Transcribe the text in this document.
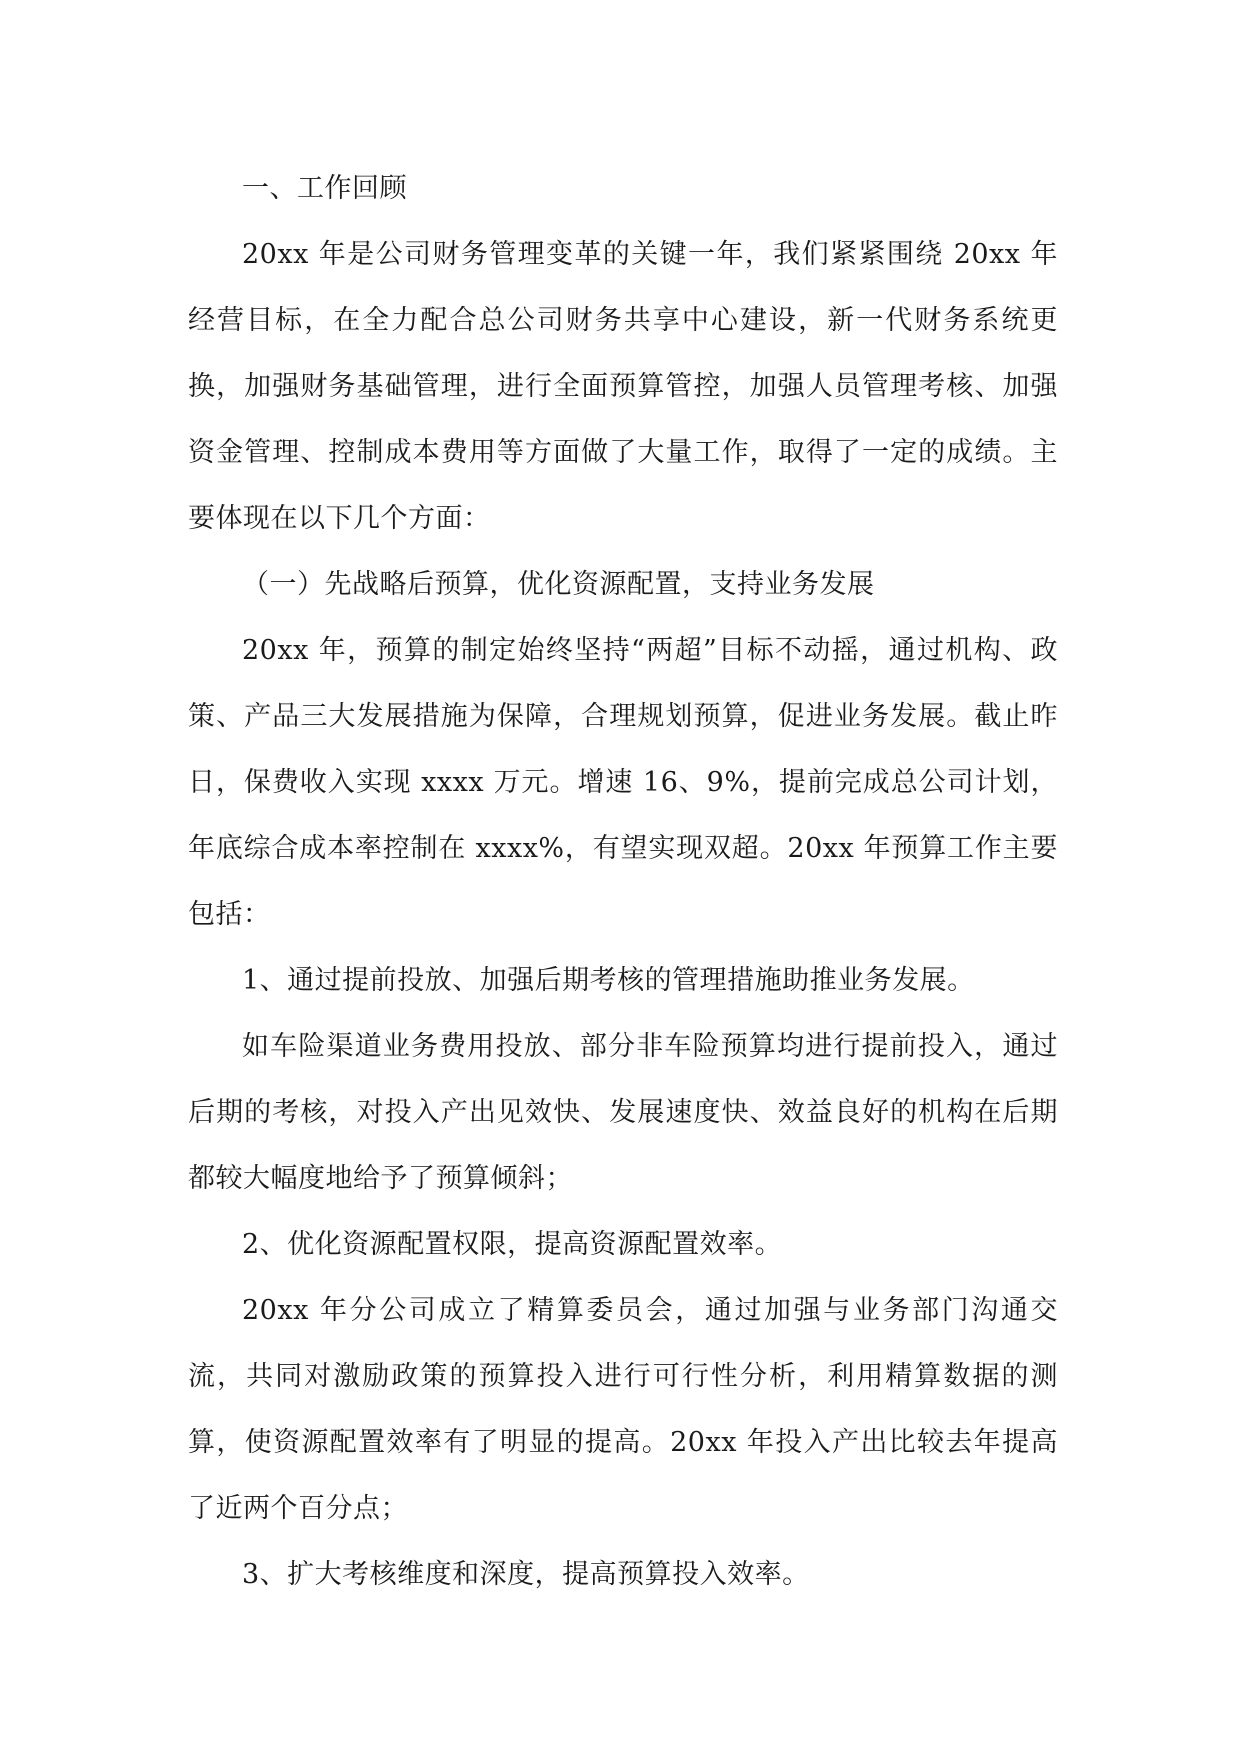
一、工作回顾

20xx 年是公司财务管理变革的关键一年，我们紧紧围绕 20xx 年经营目标，在全力配合总公司财务共享中心建设，新一代财务系统更换，加强财务基础管理，进行全面预算管控，加强人员管理考核、加强资金管理、控制成本费用等方面做了大量工作，取得了一定的成绩。主要体现在以下几个方面：

（一）先战略后预算，优化资源配置，支持业务发展

20xx 年，预算的制定始终坚持“两超”目标不动摇，通过机构、政策、产品三大发展措施为保障，合理规划预算，促进业务发展。截止昨日，保费收入实现 xxxx 万元。增速 16、9%，提前完成总公司计划，年底综合成本率控制在 xxxx%，有望实现双超。20xx 年预算工作主要包括：

1、通过提前投放、加强后期考核的管理措施助推业务发展。

如车险渠道业务费用投放、部分非车险预算均进行提前投入，通过后期的考核，对投入产出见效快、发展速度快、效益良好的机构在后期都较大幅度地给予了预算倾斜；

2、优化资源配置权限，提高资源配置效率。

20xx 年分公司成立了精算委员会，通过加强与业务部门沟通交流，共同对激励政策的预算投入进行可行性分析，利用精算数据的测算，使资源配置效率有了明显的提高。20xx 年投入产出比较去年提高了近两个百分点；

3、扩大考核维度和深度，提高预算投入效率。
